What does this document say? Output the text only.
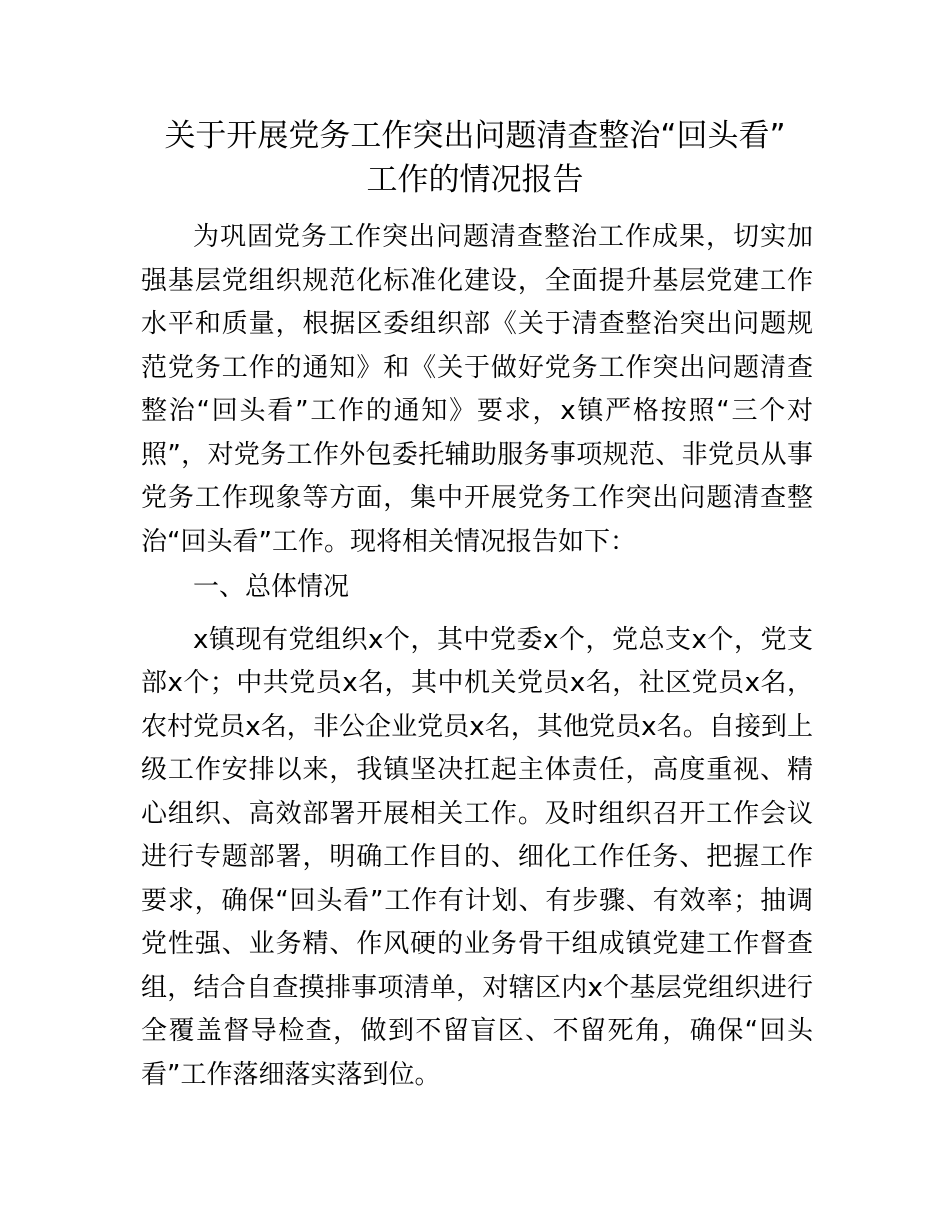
关于开展党务工作突出问题清查整治“回头看”
工作的情况报告

为巩固党务工作突出问题清查整治工作成果，切实加强基层党组织规范化标准化建设，全面提升基层党建工作水平和质量，根据区委组织部《关于清查整治突出问题规范党务工作的通知》和《关于做好党务工作突出问题清查整治“回头看”工作的通知》要求，x镇严格按照“三个对照”，对党务工作外包委托辅助服务事项规范、非党员从事党务工作现象等方面，集中开展党务工作突出问题清查整治“回头看”工作。现将相关情况报告如下：

一、总体情况

x镇现有党组织x个，其中党委x个，党总支x个，党支部x个；中共党员x名，其中机关党员x名，社区党员x名，农村党员x名，非公企业党员x名，其他党员x名。自接到上级工作安排以来，我镇坚决扛起主体责任，高度重视、精心组织、高效部署开展相关工作。及时组织召开工作会议进行专题部署，明确工作目的、细化工作任务、把握工作要求，确保“回头看”工作有计划、有步骤、有效率；抽调党性强、业务精、作风硬的业务骨干组成镇党建工作督查组，结合自查摸排事项清单，对辖区内x个基层党组织进行全覆盖督导检查，做到不留盲区、不留死角，确保“回头看”工作落细落实落到位。
